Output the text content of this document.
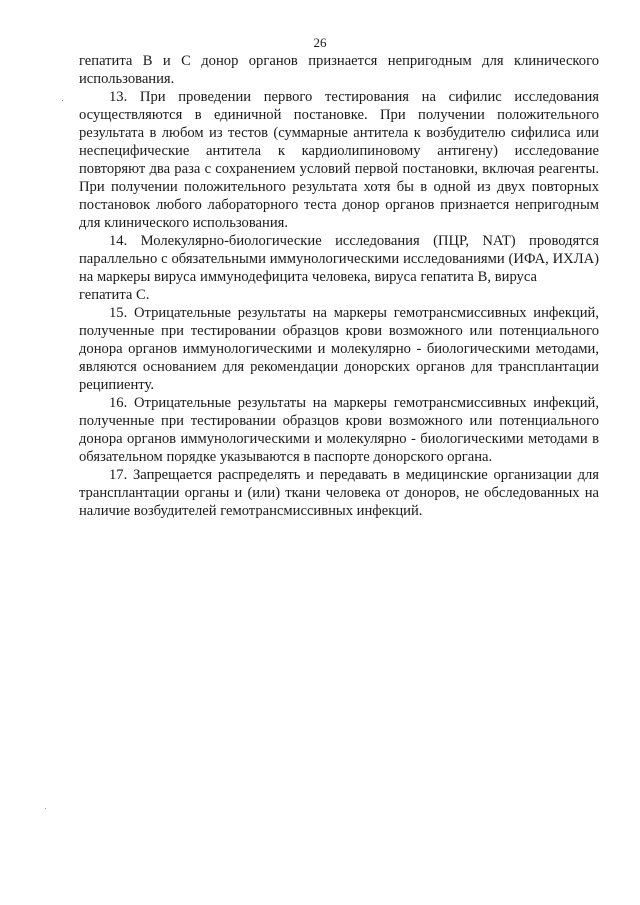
26

гепатита В и С донор органов признается непригодным для клинического использования.

13. При проведении первого тестирования на сифилис исследования осуществляются в единичной постановке. При получении положительного результата в любом из тестов (суммарные антитела к возбудителю сифилиса или неспецифические антитела к кардиолипиновому антигену) исследование повторяют два раза с сохранением условий первой постановки, включая реагенты. При получении положительного результата хотя бы в одной из двух повторных постановок любого лабораторного теста донор органов признается непригодным для клинического использования.

14. Молекулярно-биологические исследования (ПЦР, NAT) проводятся параллельно с обязательными иммунологическими исследованиями (ИФА, ИХЛА) на маркеры вируса иммунодефицита человека, вируса гепатита В, вирусагепатита С.

15. Отрицательные результаты на маркеры гемотрансмиссивных инфекций, полученные при тестировании образцов крови возможного или потенциального донора органов иммунологическими и молекулярно - биологическими методами, являются основанием для рекомендации донорских органов для трансплантации реципиенту.

16. Отрицательные результаты на маркеры гемотрансмиссивных инфекций, полученные при тестировании образцов крови возможного или потенциального донора органов иммунологическими и молекулярно - биологическими методами в обязательном порядке указываются в паспорте донорского органа.

17. Запрещается распределять и передавать в медицинские организации для трансплантации органы и (или) ткани человека от доноров, не обследованных на наличие возбудителей гемотрансмиссивных инфекций.
